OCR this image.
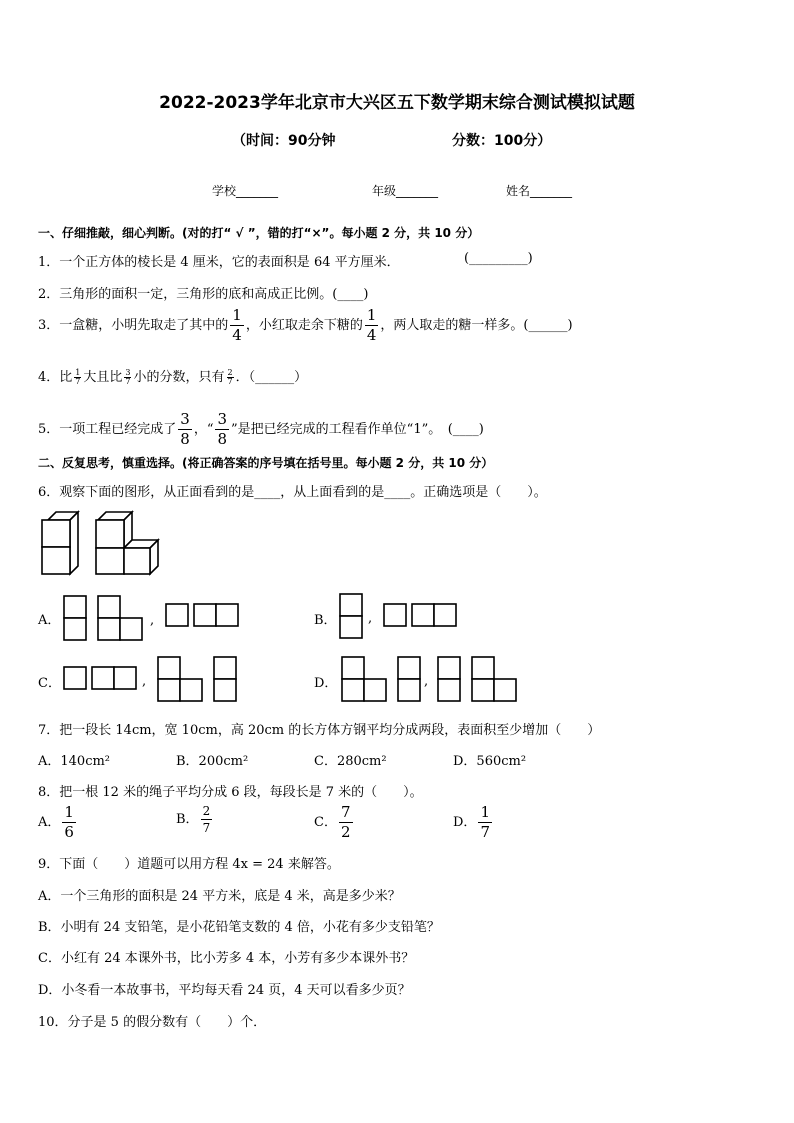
2022-2023学年北京市大兴区五下数学期末综合测试模拟试题
（时间：90分钟	分数：100分）
学校_______	年级_______	姓名_______
一、仔细推敲，细心判断。(对的打“ √ ”，错的打“×”。每小题 2 分，共 10 分）
1．一个正方体的棱长是 4 厘米，它的表面积是 64 平方厘米．	(_________)
2．三角形的面积一定，三角形的底和高成正比例。(____)
3．一盒糖，小明先取走了其中的 $\frac{1}{4}$ ，小红取走余下糖的 $\frac{1}{4}$ ，两人取走的糖一样多。(______)
4．比 $\frac{1}{7}$ 大且比 $\frac{3}{7}$ 小的分数，只有 $\frac{2}{7}$ ．（______）
5．一项工程已经完成了 $\frac{3}{8}$ ，“ $\frac{3}{8}$ ”是把已经完成的工程看作单位“1”。　(____)
二、反复思考，慎重选择。(将正确答案的序号填在括号里。每小题 2 分，共 10 分）
6．观察下面的图形，从正面看到的是____，从上面看到的是____。正确选项是（　　）。
A．	,	B． ,
C．	,	D．	,
7．把一段长 14cm，宽 10cm，高 20cm 的长方体方钢平均分成两段，表面积至少增加（　　）
A．140cm²	B．200cm²	C．280cm²	D．560cm²
8．把一根 12 米的绳子平均分成 6 段，每段长是 7 米的（　　）。
A． $\frac{1}{6}$	B． $\frac{2}{7}$	C． $\frac{7}{2}$	D． $\frac{1}{7}$
9．下面（　　）道题可以用方程 4x = 24 来解答。
A．一个三角形的面积是 24 平方米，底是 4 米，高是多少米？
B．小明有 24 支铅笔，是小花铅笔支数的 4 倍，小花有多少支铅笔？
C．小红有 24 本课外书，比小芳多 4 本，小芳有多少本课外书？
D．小冬看一本故事书，平均每天看 24 页，4 天可以看多少页？
10．分子是 5 的假分数有（　　）个．
